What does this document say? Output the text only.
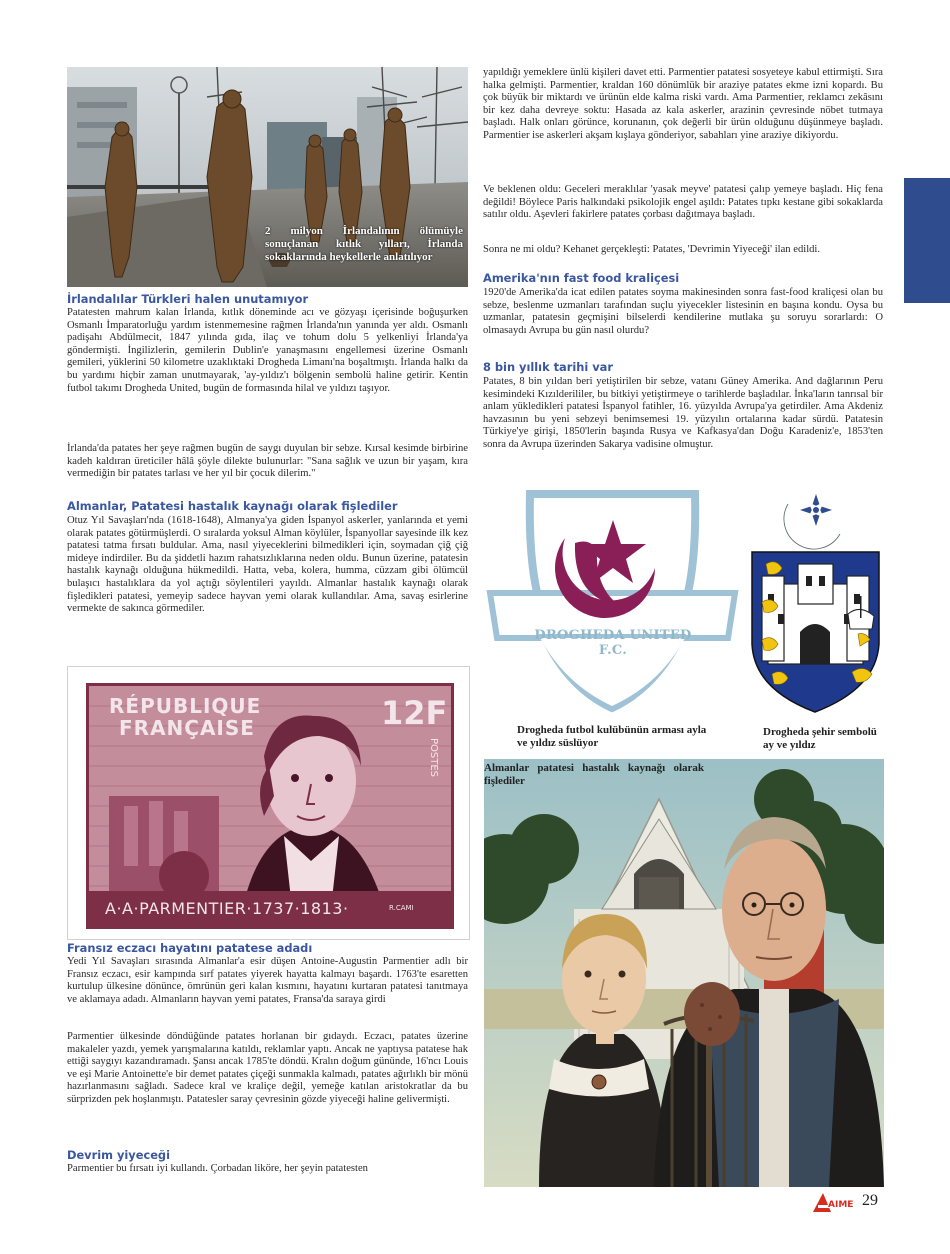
2 milyon İrlandalının ölümüyle sonuçlanan kıtlık yılları, İrlanda sokaklarında heykellerle anlatılıyor

İrlandalılar Türkleri halen unutamıyor

Patatesten mahrum kalan İrlanda, kıtlık döneminde acı ve gözyaşı içerisinde boğuşurken Osmanlı İmparatorluğu yardım istenmemesine rağmen İrlanda'nın yanında yer aldı. Osmanlı padişahı Abdülmecit, 1847 yılında gıda, ilaç ve tohum dolu 5 yelkenliyi İrlanda'ya göndermişti. İngilizlerin, gemilerin Dublin'e yanaşmasını engellemesi üzerine Osmanlı gemileri, yüklerini 50 kilometre uzaklıktaki Drogheda Limanı'na boşaltmıştı. İrlanda halkı da bu yardımı hiçbir zaman unutmayarak, 'ay-yıldız'ı bölgenin sembolü haline getirir. Kentin futbol takımı Drogheda United, bugün de formasında hilal ve yıldızı taşıyor.

İrlanda'da patates her şeye rağmen bugün de saygı duyulan bir sebze. Kırsal kesimde birbirine kadeh kaldıran üreticiler hâlâ şöyle dilekte bulunurlar: "Sana sağlık ve uzun bir yaşam, kıra vermediğin bir patates tarlası ve her yıl bir çocuk dilerim."

Almanlar, Patatesi hastalık kaynağı olarak fişlediler

Otuz Yıl Savaşları'nda (1618-1648), Almanya'ya giden İspanyol askerler, yanlarında et yemi olarak patates götürmüşlerdi. O sıralarda yoksul Alman köylüler, İspanyollar sayesinde ilk kez patatesi tatma fırsatı buldular. Ama, nasıl yiyeceklerini bilmedikleri için, soymadan çiğ çiğ mideye indirdiler. Bu da şiddetli hazım rahatsızlıklarına neden oldu. Bunun üzerine, patatesin hastalık kaynağı olduğuna hükmedildi. Hatta, veba, kolera, humma, cüzzam gibi ölümcül bulaşıcı hastalıklara da yol açtığı söylentileri yayıldı. Almanlar hastalık kaynağı olarak fişledikleri patatesi, yemeyip sadece hayvan yemi olarak kullandılar. Ama, savaş esirlerine vermekte de sakınca görmediler.

RÉPUBLIQUE
FRANÇAISE	12F
POSTES
A·A·PARMENTIER·1737·1813·	R.CAMI

Fransız eczacı hayatını patatese adadı

Yedi Yıl Savaşları sırasında Almanlar'a esir düşen Antoine-Augustin Parmentier adlı bir Fransız eczacı, esir kampında sırf patates yiyerek hayatta kalmayı başardı. 1763'te esaretten kurtulup ülkesine dönünce, ömrünün geri kalan kısmını, hayatını kurtaran patatesi tanıtmaya ve aklamaya adadı. Almanların hayvan yemi patates, Fransa'da saraya girdi

Parmentier ülkesinde döndüğünde patates horlanan bir gıdaydı. Eczacı, patates üzerine makaleler yazdı, yemek yarışmalarına katıldı, reklamlar yaptı. Ancak ne yaptıysa patatese hak ettiği saygıyı kazandıramadı. Şansı ancak 1785'te döndü. Kralın doğum gününde, 16'ncı Louis ve eşi Marie Antoinette'e bir demet patates çiçeği sunmakla kalmadı, patates ağırlıklı bir mönü hazırlanmasını sağladı. Sadece kral ve kraliçe değil, yemeğe katılan aristokratlar da bu sürprizden pek hoşlanmıştı. Patatesler saray çevresinin gözde yiyeceği haline gelivermişti.

Devrim yiyeceği

Parmentier bu fırsatı iyi kullandı. Çorbadan liköre, her şeyin patatesten

yapıldığı yemeklere ünlü kişileri davet etti. Parmentier patatesi sosyeteye kabul ettirmişti. Sıra halka gelmişti. Parmentier, kraldan 160 dönümlük bir araziye patates ekme izni kopardı. Bu çok büyük bir miktardı ve ürünün elde kalma riski vardı. Ama Parmentier, reklamcı zekâsını bir kez daha devreye soktu: Hasada az kala askerler, arazinin çevresinde nöbet tutmaya başladı. Halk onları görünce, korunanın, çok değerli bir ürün olduğunu düşünmeye başladı. Parmentier ise askerleri akşam kışlaya gönderiyor, sabahları yine araziye dikiyordu.

Ve beklenen oldu: Geceleri meraklılar 'yasak meyve' patatesi çalıp yemeye başladı. Hiç fena değildi! Böylece Paris halkındaki psikolojik engel aşıldı: Patates tıpkı kestane gibi sokaklarda satılır oldu. Aşevleri fakirlere patates çorbası dağıtmaya başladı.

Sonra ne mi oldu? Kehanet gerçekleşti: Patates, 'Devrimin Yiyeceği' ilan edildi.

Amerika'nın fast food kraliçesi

1920'de Amerika'da icat edilen patates soyma makinesinden sonra fast-food kraliçesi olan bu sebze, beslenme uzmanları tarafından suçlu yiyecekler listesinin en başına kondu. Oysa bu uzmanlar, patatesin geçmişini bilselerdi kendilerine mutlaka şu soruyu sorarlardı: O olmasaydı Avrupa bu gün nasıl olurdu?

8 bin yıllık tarihi var

Patates, 8 bin yıldan beri yetiştirilen bir sebze, vatanı Güney Amerika. And dağlarının Peru kesimindeki Kızılderililer, bu bitkiyi yetiştirmeye o tarihlerde başladılar. İnka'ların tanrısal bir anlam yükledikleri patatesi İspanyol fatihler, 16. yüzyılda Avrupa'ya getirdiler. Ama Akdeniz havzasının bu yeni sebzeyi benimsemesi 19. yüzyılın ortalarına kadar sürdü. Patatesin Türkiye'ye girişi, 1850'lerin başında Rusya ve Kafkasya'dan Doğu Karadeniz'e, 1853'ten sonra da Avrupa üzerinden Sakarya vadisine olmuştur.

DROGHEDA UNITED F.C.
Drogheda futbol kulübünün arması ayla ve yıldız süslüyor
Drogheda şehir sembolü ay ve yıldız
Almanlar patatesi hastalık kaynağı olarak fişlediler
AIME 29
